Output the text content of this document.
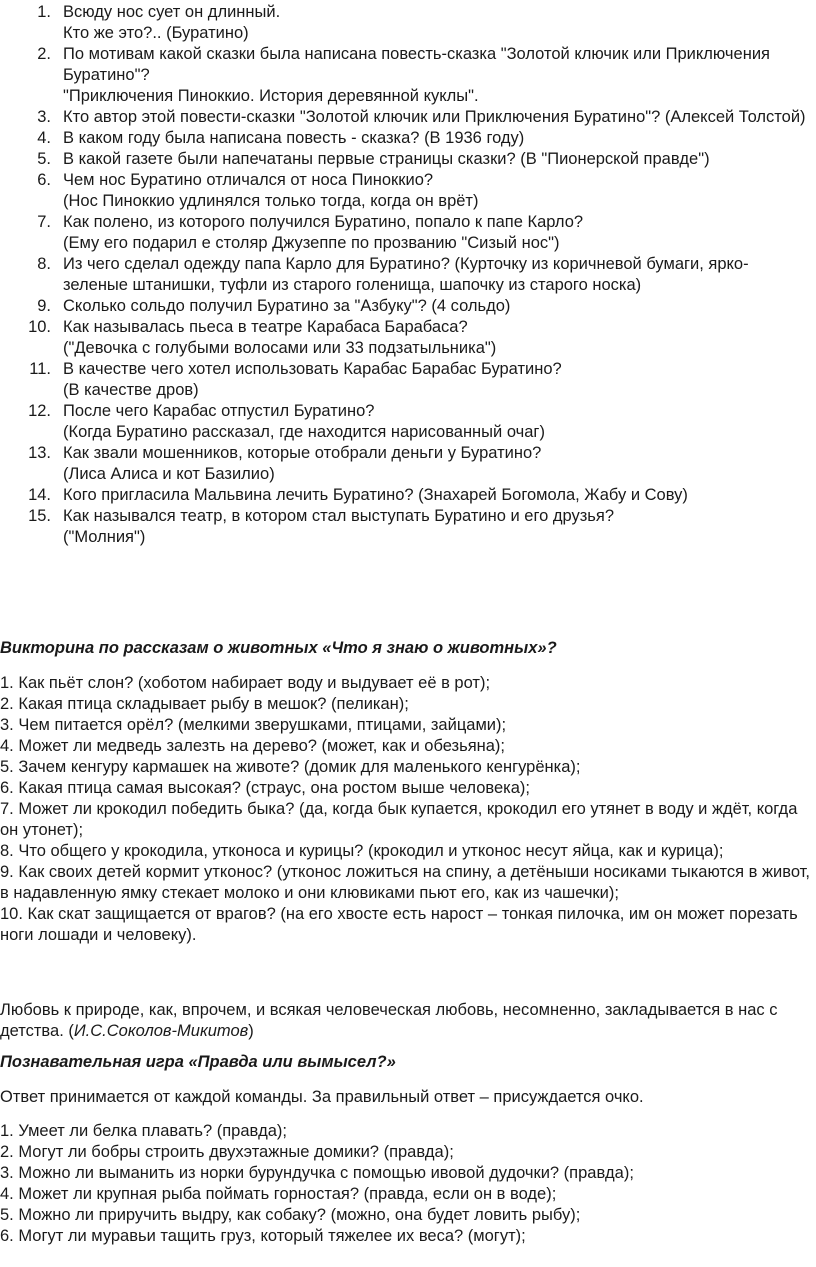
1. Всюду нос сует он длинный.
Кто же это?.. (Буратино)
2. По мотивам какой сказки была написана повесть-сказка "Золотой ключик или Приключения Буратино"?
"Приключения Пиноккио. История деревянной куклы".
3. Кто автор этой повести-сказки "Золотой ключик или Приключения Буратино"? (Алексей Толстой)
4. В каком году была написана повесть - сказка? (В 1936 году)
5. В какой газете были напечатаны первые страницы сказки? (В "Пионерской правде")
6. Чем нос Буратино отличался от носа Пиноккио?
(Нос Пиноккио удлинялся только тогда, когда он врёт)
7. Как полено, из которого получился Буратино, попало к папе Карло?
(Ему его подарил е столяр Джузеппе по прозванию "Сизый нос")
8. Из чего сделал одежду папа Карло для Буратино? (Курточку из коричневой бумаги, ярко-зеленые штанишки, туфли из старого голенища, шапочку из старого носка)
9. Сколько сольдо получил Буратино за "Азбуку"? (4 сольдо)
10. Как называлась пьеса в театре Карабаса Барабаса?
("Девочка с голубыми волосами или 33 подзатыльника")
11. В качестве чего хотел использовать Карабас Барабас Буратино?
(В качестве дров)
12. После чего Карабас отпустил Буратино?
(Когда Буратино рассказал, где находится нарисованный очаг)
13. Как звали мошенников, которые отобрали деньги у Буратино?
(Лиса Алиса и кот Базилио)
14. Кого пригласила Мальвина лечить Буратино? (Знахарей Богомола, Жабу и Сову)
15. Как назывался театр, в котором стал выступать Буратино и его друзья?
("Молния")
Викторина по рассказам о животных «Что я знаю о животных»?

1. Как пьёт слон? (хоботом набирает воду и выдувает её в рот);

2. Какая птица складывает рыбу в мешок? (пеликан);

3. Чем питается орёл? (мелкими зверушками, птицами, зайцами);

4. Может ли медведь залезть на дерево? (может, как и обезьяна);

5. Зачем кенгуру кармашек на животе? (домик для маленького кенгурёнка);

6. Какая птица самая высокая? (страус, она ростом выше человека);

7. Может ли крокодил победить быка? (да, когда бык купается, крокодил его утянет в воду и ждёт, когда он утонет);

8. Что общего у крокодила, утконоса и курицы? (крокодил и утконос несут яйца, как и курица);

9. Как своих детей кормит утконос? (утконос ложиться на спину, а детёныши носиками тыкаются в живот, в надавленную ямку стекает молоко и они клювиками пьют его, как из чашечки);

10. Как скат защищается от врагов? (на его хвосте есть нарост – тонкая пилочка, им он может порезать ноги лошади и человеку).

Любовь к природе, как, впрочем, и всякая человеческая любовь, несомненно, закладывается в нас с детства. (И.С.Соколов-Микитов)

Познавательная игра «Правда или вымысел?»

Ответ принимается от каждой команды. За правильный ответ – присуждается очко.

1. Умеет ли белка плавать? (правда);

2. Могут ли бобры строить двухэтажные домики? (правда);

3. Можно ли выманить из норки бурундучка с помощью ивовой дудочки? (правда);

4. Может ли крупная рыба поймать горностая? (правда, если он в воде);

5. Можно ли приручить выдру, как собаку? (можно, она будет ловить рыбу);

6. Могут ли муравьи тащить груз, который тяжелее их веса? (могут);
